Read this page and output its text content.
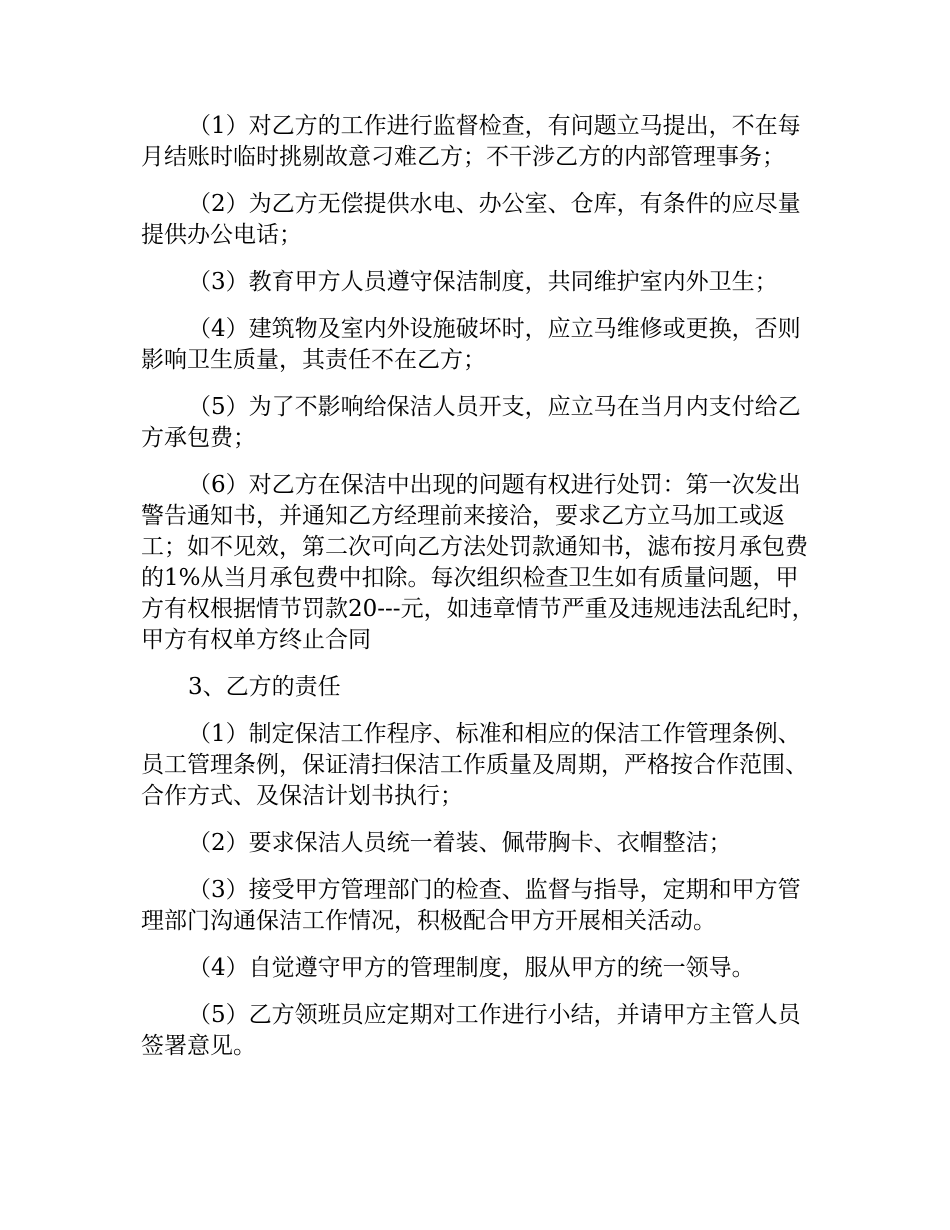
（1）对乙方的工作进行监督检查，有问题立马提出，不在每月结账时临时挑剔故意刁难乙方；不干涉乙方的内部管理事务；

（2）为乙方无偿提供水电、办公室、仓库，有条件的应尽量提供办公电话；

（3）教育甲方人员遵守保洁制度，共同维护室内外卫生；

（4）建筑物及室内外设施破坏时，应立马维修或更换，否则影响卫生质量，其责任不在乙方；

（5）为了不影响给保洁人员开支，应立马在当月内支付给乙方承包费；

（6）对乙方在保洁中出现的问题有权进行处罚：第一次发出警告通知书，并通知乙方经理前来接洽，要求乙方立马加工或返工；如不见效，第二次可向乙方法处罚款通知书，滤布按月承包费的1%从当月承包费中扣除。每次组织检查卫生如有质量问题，甲方有权根据情节罚款20---元，如违章情节严重及违规违法乱纪时，甲方有权单方终止合同

3、乙方的责任

（1）制定保洁工作程序、标准和相应的保洁工作管理条例、员工管理条例，保证清扫保洁工作质量及周期，严格按合作范围、合作方式、及保洁计划书执行；

（2）要求保洁人员统一着装、佩带胸卡、衣帽整洁；

（3）接受甲方管理部门的检查、监督与指导，定期和甲方管理部门沟通保洁工作情况，积极配合甲方开展相关活动。

（4）自觉遵守甲方的管理制度，服从甲方的统一领导。

（5）乙方领班员应定期对工作进行小结，并请甲方主管人员签署意见。
